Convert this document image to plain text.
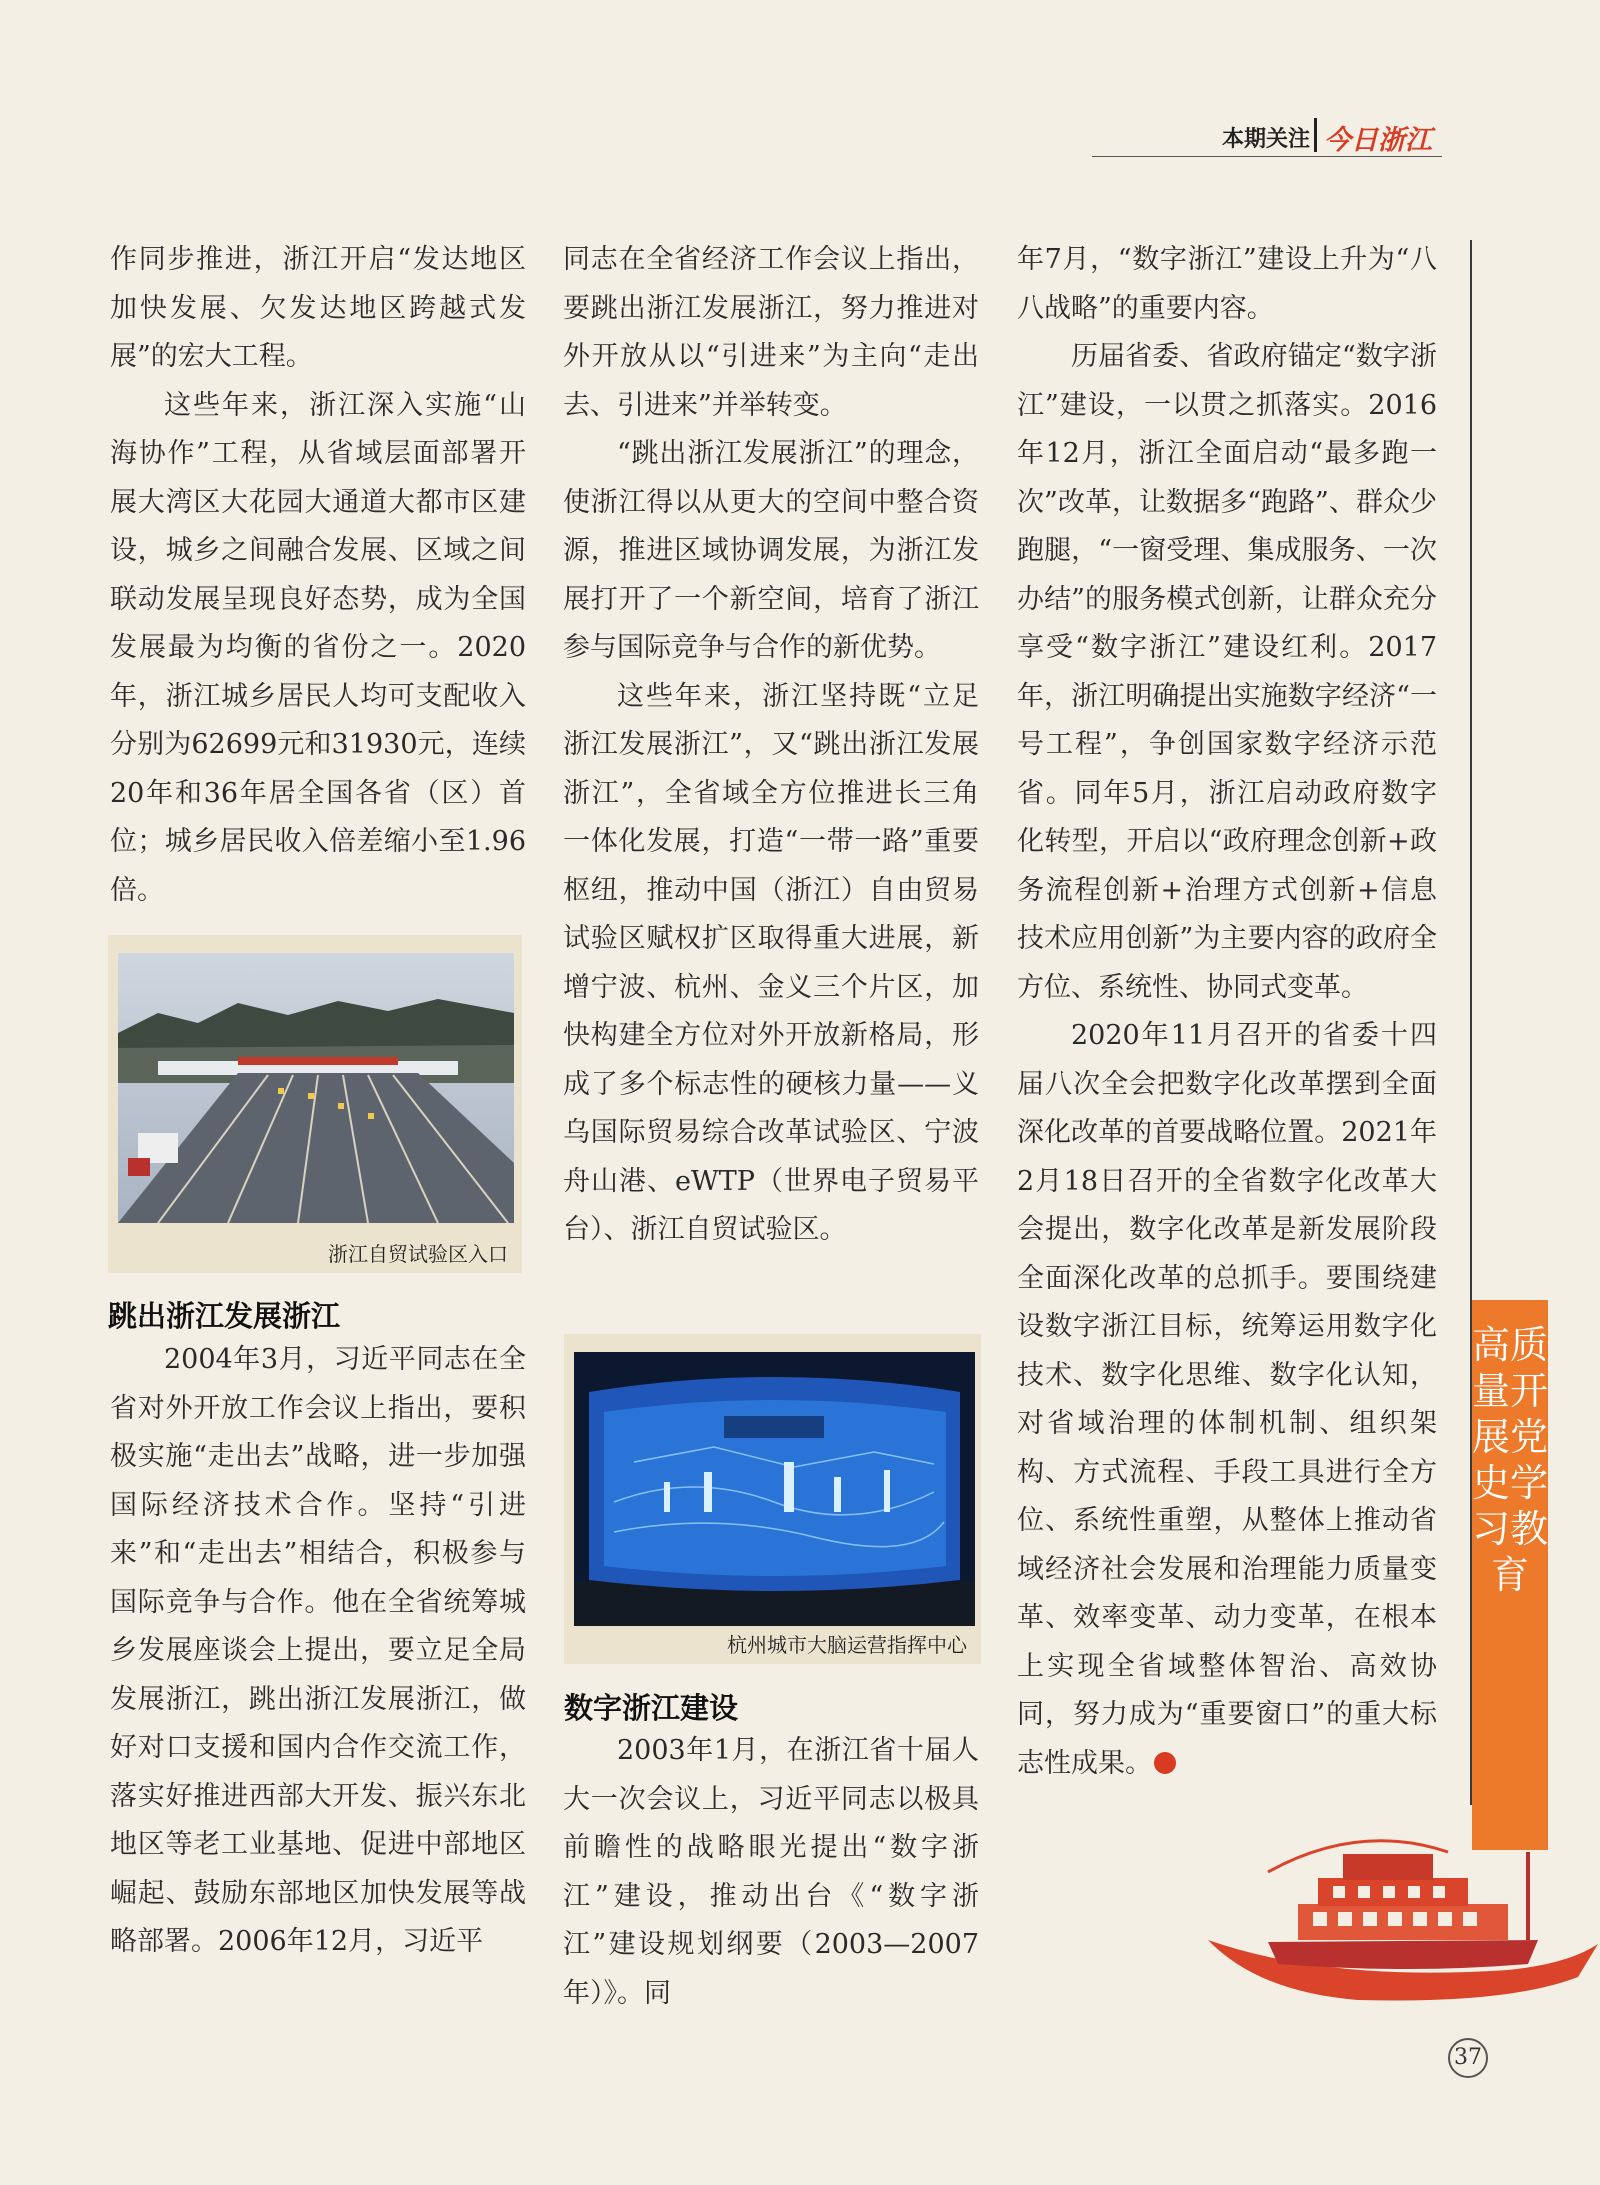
本期关注 今日浙江

作同步推进，浙江开启“发达地区加快发展、欠发达地区跨越式发展”的宏大工程。

这些年来，浙江深入实施“山海协作”工程，从省域层面部署开展大湾区大花园大通道大都市区建设，城乡之间融合发展、区域之间联动发展呈现良好态势，成为全国发展最为均衡的省份之一。2020年，浙江城乡居民人均可支配收入分别为62699元和31930元，连续20年和36年居全国各省（区）首位；城乡居民收入倍差缩小至1.96倍。

浙江自贸试验区入口
跳出浙江发展浙江

2004年3月，习近平同志在全省对外开放工作会议上指出，要积极实施“走出去”战略，进一步加强国际经济技术合作。坚持“引进来”和“走出去”相结合，积极参与国际竞争与合作。他在全省统筹城乡发展座谈会上提出，要立足全局发展浙江，跳出浙江发展浙江，做好对口支援和国内合作交流工作，落实好推进西部大开发、振兴东北地区等老工业基地、促进中部地区崛起、鼓励东部地区加快发展等战略部署。2006年12月，习近平

同志在全省经济工作会议上指出，要跳出浙江发展浙江，努力推进对外开放从以“引进来”为主向“走出去、引进来”并举转变。

“跳出浙江发展浙江”的理念，使浙江得以从更大的空间中整合资源，推进区域协调发展，为浙江发展打开了一个新空间，培育了浙江参与国际竞争与合作的新优势。

这些年来，浙江坚持既“立足浙江发展浙江”，又“跳出浙江发展浙江”，全省域全方位推进长三角一体化发展，打造“一带一路”重要枢纽，推动中国（浙江）自由贸易试验区赋权扩区取得重大进展，新增宁波、杭州、金义三个片区，加快构建全方位对外开放新格局，形成了多个标志性的硬核力量——义乌国际贸易综合改革试验区、宁波舟山港、eWTP（世界电子贸易平台）、浙江自贸试验区。

杭州城市大脑运营指挥中心
数字浙江建设

2003年1月，在浙江省十届人大一次会议上，习近平同志以极具前瞻性的战略眼光提出“数字浙江”建设，推动出台《“数字浙江”建设规划纲要（2003—2007年）》。同

年7月，“数字浙江”建设上升为“八八战略”的重要内容。

历届省委、省政府锚定“数字浙江”建设，一以贯之抓落实。2016年12月，浙江全面启动“最多跑一次”改革，让数据多“跑路”、群众少跑腿，“一窗受理、集成服务、一次办结”的服务模式创新，让群众充分享受“数字浙江”建设红利。2017年，浙江明确提出实施数字经济“一号工程”，争创国家数字经济示范省。同年5月，浙江启动政府数字化转型，开启以“政府理念创新+政务流程创新+治理方式创新+信息技术应用创新”为主要内容的政府全方位、系统性、协同式变革。

2020年11月召开的省委十四届八次全会把数字化改革摆到全面深化改革的首要战略位置。2021年2月18日召开的全省数字化改革大会提出，数字化改革是新发展阶段全面深化改革的总抓手。要围绕建设数字浙江目标，统筹运用数字化技术、数字化思维、数字化认知，对省域治理的体制机制、组织架构、方式流程、手段工具进行全方位、系统性重塑，从整体上推动省域经济社会发展和治理能力质量变革、效率变革、动力变革，在根本上实现全省域整体智治、高效协同，努力成为“重要窗口”的重大标志性成果。

高质量开展党史学习教育
37
